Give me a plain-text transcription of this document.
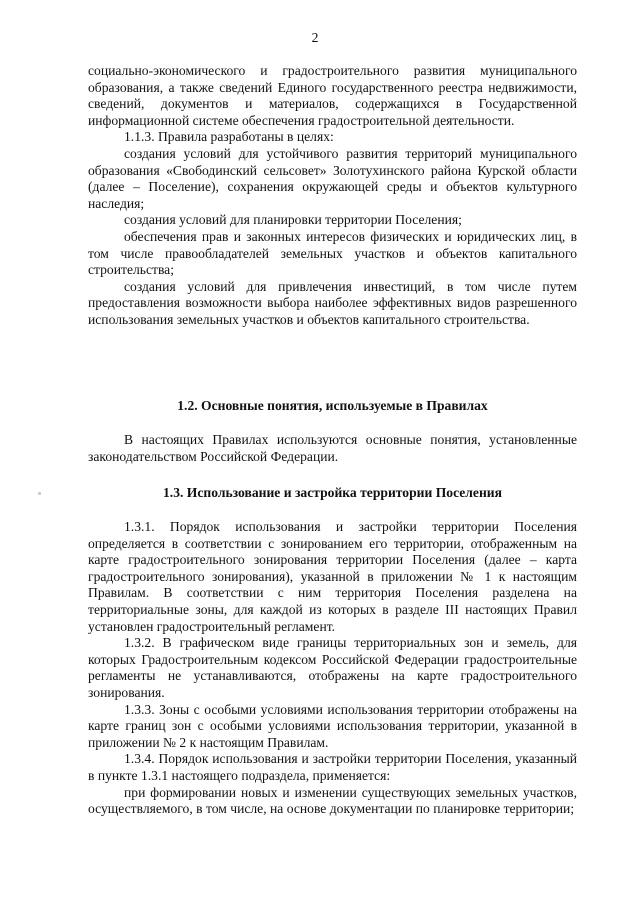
2

социально-экономического и градостроительного развития муниципального образования, а также сведений Единого государственного реестра недвижимости, сведений, документов и материалов, содержащихся в Государственной информационной системе обеспечения градостроительной деятельности.

1.1.3. Правила разработаны в целях:

создания условий для устойчивого развития территорий муниципального образования «Свободинский сельсовет» Золотухинского района Курской области (далее – Поселение), сохранения окружающей среды и объектов культурного наследия;

создания условий для планировки территории Поселения;

обеспечения прав и законных интересов физических и юридических лиц, в том числе правообладателей земельных участков и объектов капитального строительства;

создания условий для привлечения инвестиций, в том числе путем предоставления возможности выбора наиболее эффективных видов разрешенного использования земельных участков и объектов капитального строительства.

1.2. Основные понятия, используемые в Правилах

В настоящих Правилах используются основные понятия, установленные законодательством Российской Федерации.

1.3. Использование и застройка территории Поселения

1.3.1. Порядок использования и застройки территории Поселения определяется в соответствии с зонированием его территории, отображенным на карте градостроительного зонирования территории Поселения (далее – карта градостроительного зонирования), указанной в приложении № 1 к настоящим Правилам. В соответствии с ним территория Поселения разделена на территориальные зоны, для каждой из которых в разделе III настоящих Правил установлен градостроительный регламент.

1.3.2. В графическом виде границы территориальных зон и земель, для которых Градостроительным кодексом Российской Федерации градостроительные регламенты не устанавливаются, отображены на карте градостроительного зонирования.

1.3.3. Зоны с особыми условиями использования территории отображены на карте границ зон с особыми условиями использования территории, указанной в приложении № 2 к настоящим Правилам.

1.3.4. Порядок использования и застройки территории Поселения, указанный в пункте 1.3.1 настоящего подраздела, применяется:

при формировании новых и изменении существующих земельных участков, осуществляемого, в том числе, на основе документации по планировке территории;
